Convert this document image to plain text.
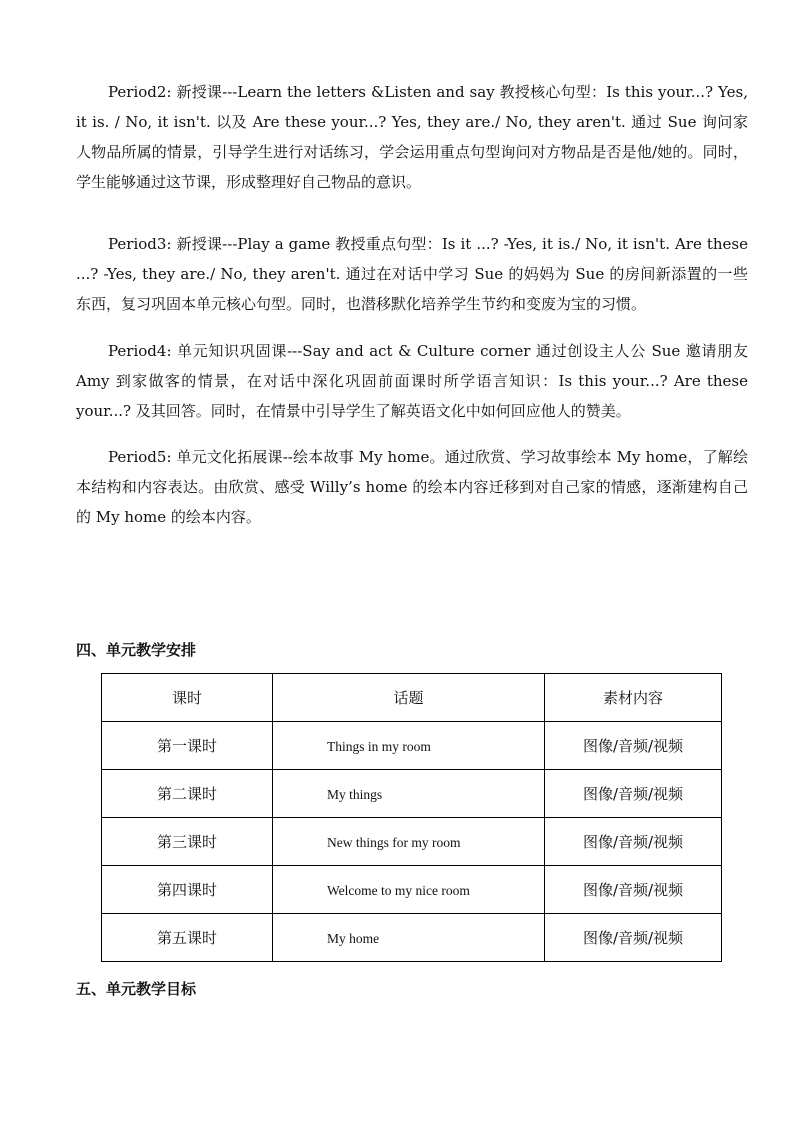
Period2: 新授课---Learn the letters &Listen and say 教授核心句型：Is this your...? Yes, it is. / No, it isn't. 以及 Are these your...? Yes, they are./ No, they aren't. 通过 Sue 询问家人物品所属的情景，引导学生进行对话练习，学会运用重点句型询问对方物品是否是他/她的。同时，学生能够通过这节课，形成整理好自己物品的意识。

Period3: 新授课---Play a game 教授重点句型：Is it ...? -Yes, it is./ No, it isn't. Are these ...? -Yes, they are./ No, they aren't. 通过在对话中学习 Sue 的妈妈为 Sue 的房间新添置的一些东西，复习巩固本单元核心句型。同时，也潜移默化培养学生节约和变废为宝的习惯。

Period4: 单元知识巩固课---Say and act & Culture corner 通过创设主人公 Sue 邀请朋友 Amy 到家做客的情景，在对话中深化巩固前面课时所学语言知识：Is this your...? Are these your...? 及其回答。同时，在情景中引导学生了解英语文化中如何回应他人的赞美。

Period5: 单元文化拓展课--绘本故事 My home。通过欣赏、学习故事绘本 My home，了解绘本结构和内容表达。由欣赏、感受 Willy’s home 的绘本内容迁移到对自己家的情感，逐渐建构自己的 My home 的绘本内容。

四、单元教学安排
课时	话题	素材内容
第一课时	Things in my room	图像/音频/视频
第二课时	My things	图像/音频/视频
第三课时	New things for my room	图像/音频/视频
第四课时	Welcome to my nice room	图像/音频/视频
第五课时	My home	图像/音频/视频
五、单元教学目标
